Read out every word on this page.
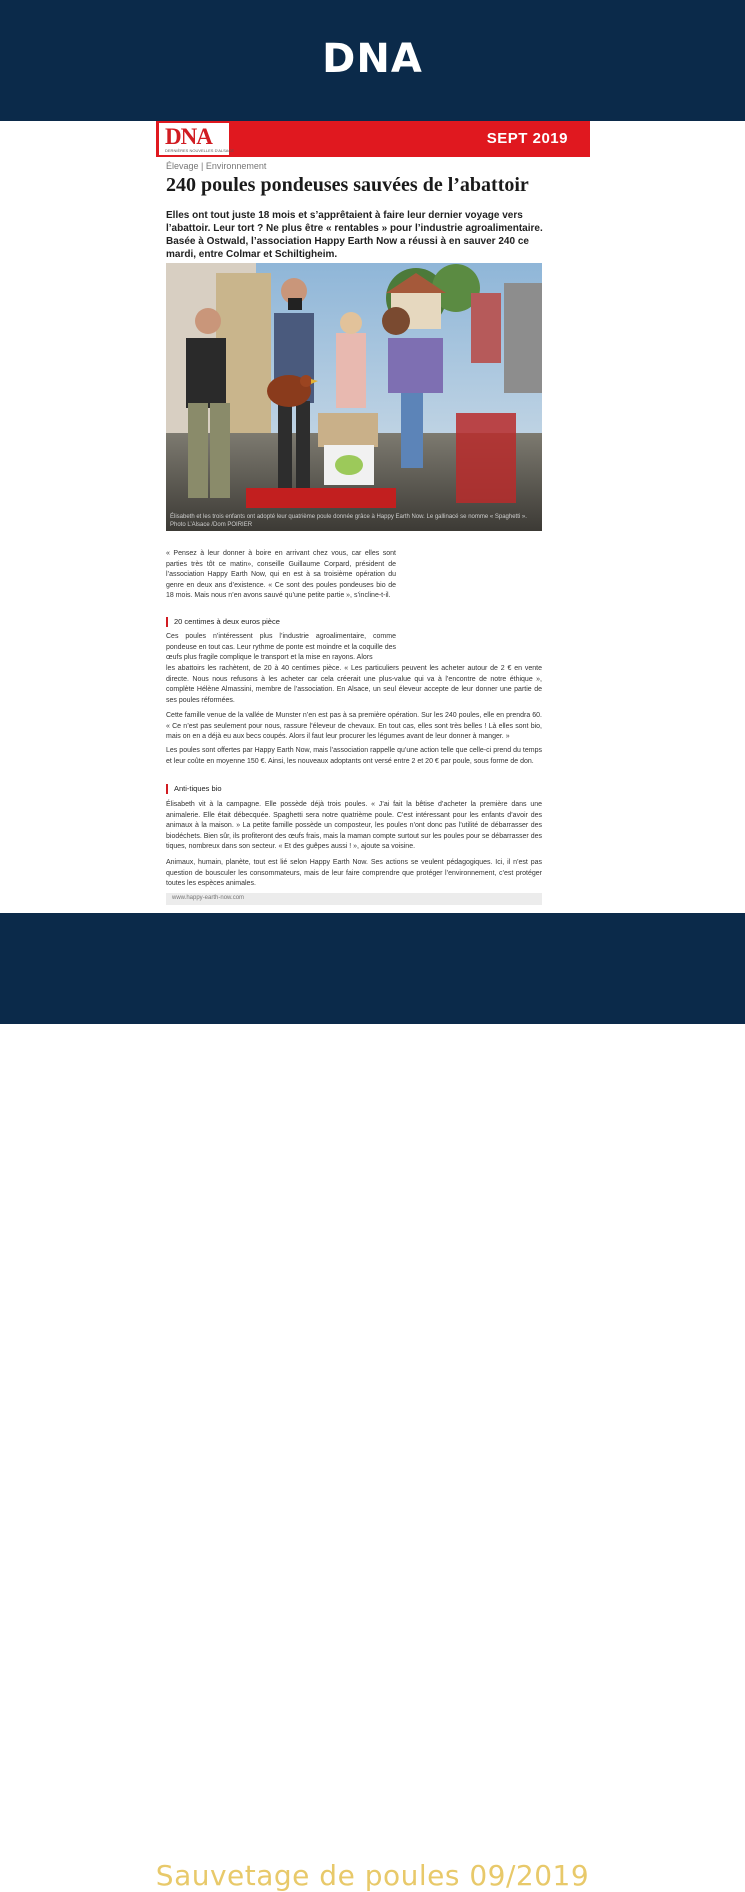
DNA
DNA
DERNIÈRES NOUVELLES D'ALSACE
SEPT 2019
Élevage | Environnement
240 poules pondeuses sauvées de l’abattoir
Elles ont tout juste 18 mois et s’apprêtaient à faire leur dernier voyage vers l’abattoir. Leur tort ? Ne plus être « rentables » pour l’industrie agroalimentaire. Basée à Ostwald, l’association Happy Earth Now a réussi à en sauver 240 ce mardi, entre Colmar et Schiltigheim.
Élisabeth et les trois enfants ont adopté leur quatrième poule donnée grâce à Happy Earth Now. Le gallinacé se nomme « Spaghetti ». Photo L’Alsace /Dom POIRIER
« Pensez à leur donner à boire en arrivant chez vous, car elles sont parties très tôt ce matin», conseille Guillaume Corpard, président de l’association Happy Earth Now, qui en est à sa troisième opération du genre en deux ans d’existence. « Ce sont des poules pondeuses bio de 18 mois. Mais nous n’en avons sauvé qu’une petite partie », s’incline-t-il.
20 centimes à deux euros pièce
Ces poules n’intéressent plus l’industrie agroalimentaire, comme pondeuse en tout cas. Leur rythme de ponte est moindre et la coquille des œufs plus fragile complique le transport et la mise en rayons. Alors
les abattoirs les rachètent, de 20 à 40 centimes pièce. « Les particuliers peuvent les acheter autour de 2 € en vente directe. Nous nous refusons à les acheter car cela créerait une plus-value qui va à l’encontre de notre éthique », complète Hélène Almassini, membre de l’association. En Alsace, un seul éleveur accepte de leur donner une partie de ses poules réformées.
Cette famille venue de la vallée de Munster n’en est pas à sa première opération. Sur les 240 poules, elle en prendra 60. « Ce n’est pas seulement pour nous, rassure l’éleveur de chevaux. En tout cas, elles sont très belles ! Là elles sont bio, mais on en a déjà eu aux becs coupés. Alors il faut leur procurer les légumes avant de leur donner à manger. »
Les poules sont offertes par Happy Earth Now, mais l’association rappelle qu’une action telle que celle-ci prend du temps et leur coûte en moyenne 150 €. Ainsi, les nouveaux adoptants ont versé entre 2 et 20 € par poule, sous forme de don.
Anti-tiques bio
Élisabeth vit à la campagne. Elle possède déjà trois poules. « J’ai fait la bêtise d’acheter la première dans une animalerie. Elle était débecquée. Spaghetti sera notre quatrième poule. C’est intéressant pour les enfants d’avoir des animaux à la maison. » La petite famille possède un composteur, les poules n’ont donc pas l’utilité de débarrasser des biodéchets. Bien sûr, ils profiteront des œufs frais, mais la maman compte surtout sur les poules pour se débarrasser des tiques, nombreux dans son secteur. « Et des guêpes aussi ! », ajoute sa voisine.
Animaux, humain, planète, tout est lié selon Happy Earth Now. Ses actions se veulent pédagogiques. Ici, il n’est pas question de bousculer les consommateurs, mais de leur faire comprendre que protéger l’environnement, c’est protéger toutes les espèces animales.
www.happy-earth-now.com
Sauvetage de poules 09/2019
